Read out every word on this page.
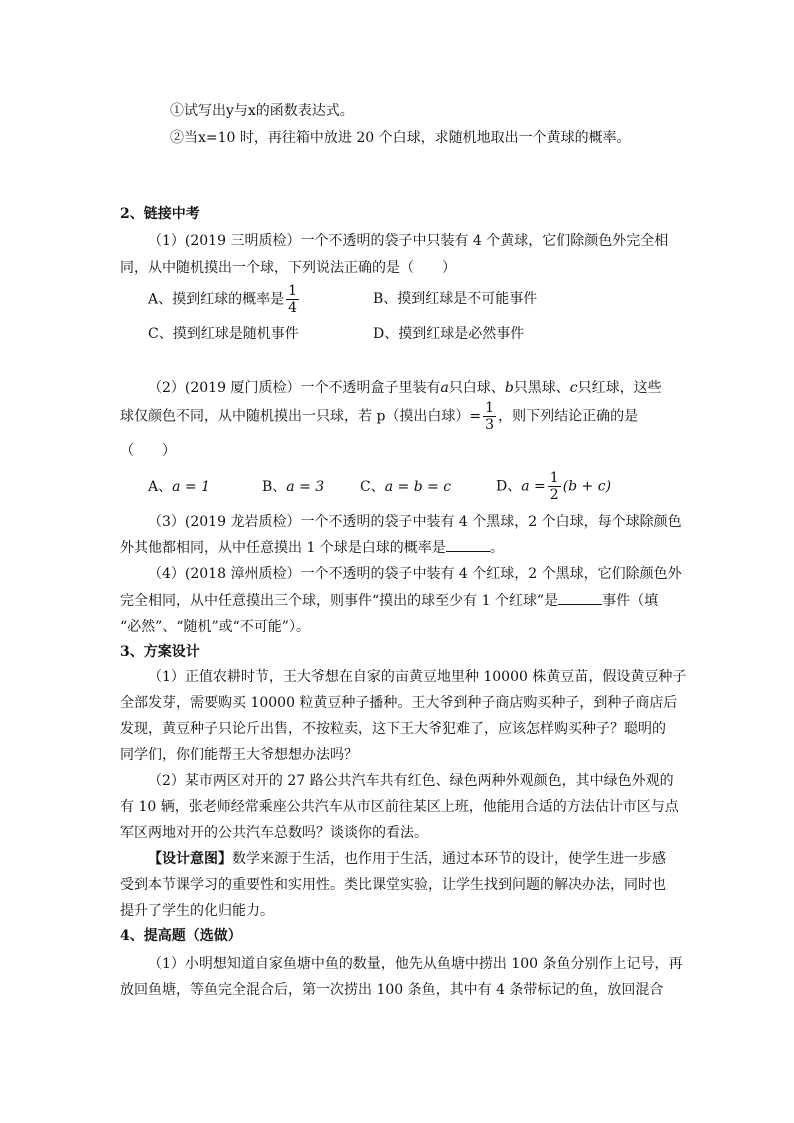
①试写出y与x的函数表达式。
②当x=10 时，再往箱中放进 20 个白球，求随机地取出一个黄球的概率。
2、链接中考
（1）(2019 三明质检）一个不透明的袋子中只装有 4 个黄球，它们除颜色外完全相
同，从中随机摸出一个球，下列说法正确的是（　　）
A、摸到红球的概率是 $\frac{1}{4}$	B、摸到红球是不可能事件
C、摸到红球是随机事件	D、摸到红球是必然事件
（2）(2019 厦门质检）一个不透明盒子里装有a只白球、b只黑球、c只红球，这些
球仅颜色不同，从中随机摸出一只球，若 p（摸出白球）= $\frac{1}{3}$ ，则下列结论正确的是
（　　）
A、a = 1	B、a = 3	C、a = b = c	D、$a = \frac{1}{2} (b + c)$
（3）(2019 龙岩质检）一个不透明的袋子中装有 4 个黑球，2 个白球，每个球除颜色
外其他都相同，从中任意摸出 1 个球是白球的概率是	。
（4）(2018 漳州质检）一个不透明的袋子中装有 4 个红球，2 个黑球，它们除颜色外
完全相同，从中任意摸出三个球，则事件“摸出的球至少有 1 个红球”是	事件（填
“必然”、“随机”或“不可能”）。
3、方案设计
（1）正值农耕时节，王大爷想在自家的亩黄豆地里种 10000 株黄豆苗，假设黄豆种子
全部发芽，需要购买 10000 粒黄豆种子播种。王大爷到种子商店购买种子，到种子商店后
发现，黄豆种子只论斤出售，不按粒卖，这下王大爷犯难了，应该怎样购买种子？聪明的
同学们，你们能帮王大爷想想办法吗？
（2）某市两区对开的 27 路公共汽车共有红色、绿色两种外观颜色，其中绿色外观的
有 10 辆，张老师经常乘座公共汽车从市区前往某区上班，他能用合适的方法估计市区与点
军区两地对开的公共汽车总数吗？谈谈你的看法。
【设计意图】数学来源于生活，也作用于生活，通过本环节的设计，使学生进一步感
受到本节课学习的重要性和实用性。类比课堂实验，让学生找到问题的解决办法，同时也
提升了学生的化归能力。
4、提高题（选做）
（1）小明想知道自家鱼塘中鱼的数量，他先从鱼塘中捞出 100 条鱼分别作上记号，再
放回鱼塘，等鱼完全混合后，第一次捞出 100 条鱼，其中有 4 条带标记的鱼，放回混合
